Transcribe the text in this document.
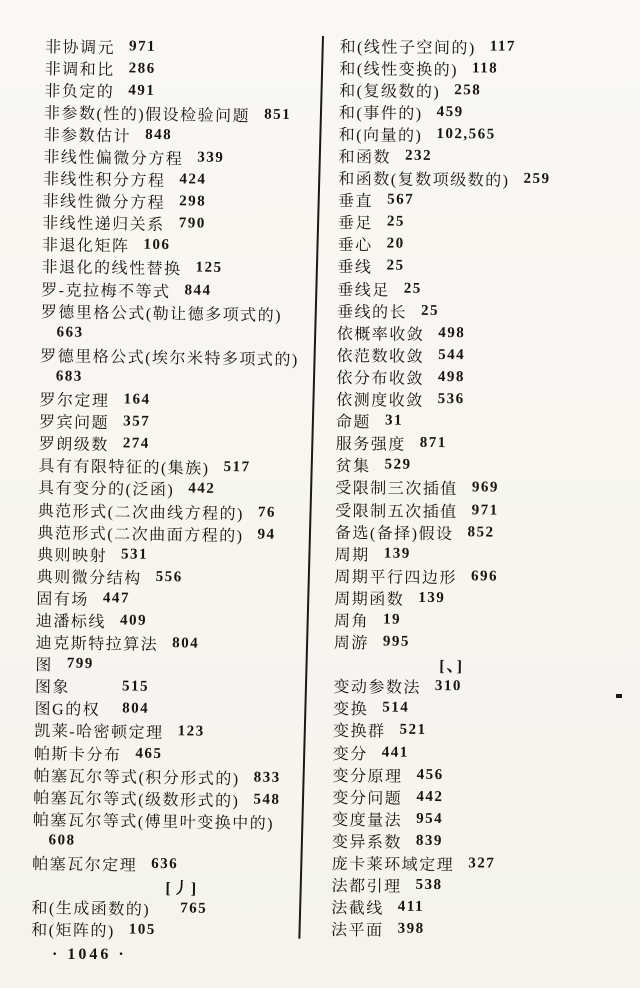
非协调元 971
非调和比 286
非负定的 491
非参数(性的)假设检验问题 851
非参数估计 848
非线性偏微分方程 339
非线性积分方程 424
非线性微分方程 298
非线性递归关系 790
非退化矩阵 106
非退化的线性替换 125
罗-克拉梅不等式 844
罗德里格公式(勒让德多项式的)
663
罗德里格公式(埃尔米特多项式的)
683
罗尔定理 164
罗宾问题 357
罗朗级数 274
具有有限特征的(集族) 517
具有变分的(泛函) 442
典范形式(二次曲线方程的) 76
典范形式(二次曲面方程的) 94
典则映射 531
典则微分结构 556
固有场 447
迪潘标线 409
迪克斯特拉算法 804
图 799
图象	515
图G的权 804
凯莱-哈密顿定理 123
帕斯卡分布 465
帕塞瓦尔等式(积分形式的) 833
帕塞瓦尔等式(级数形式的) 548
帕塞瓦尔等式(傅里叶变换中的)
608
帕塞瓦尔定理 636
[丿]
和(生成函数的) 765
和(矩阵的) 105
和(线性子空间的) 117
和(线性变换的) 118
和(复级数的) 258
和(事件的) 459
和(向量的) 102,565
和函数 232
和函数(复数项级数的) 259
垂直 567
垂足 25
垂心 20
垂线 25
垂线足 25
垂线的长 25
依概率收敛 498
依范数收敛 544
依分布收敛 498
依测度收敛 536
命题 31
服务强度 871
贫集 529
受限制三次插值 969
受限制五次插值 971
备选(备择)假设 852
周期 139
周期平行四边形 696
周期函数 139
周角 19
周游 995
[、]
变动参数法 310
变换 514
变换群 521
变分 441
变分原理 456
变分问题 442
变度量法 954
变异系数 839
庞卡莱环域定理 327
法都引理 538
法截线 411
法平面 398
· 1046 ·
